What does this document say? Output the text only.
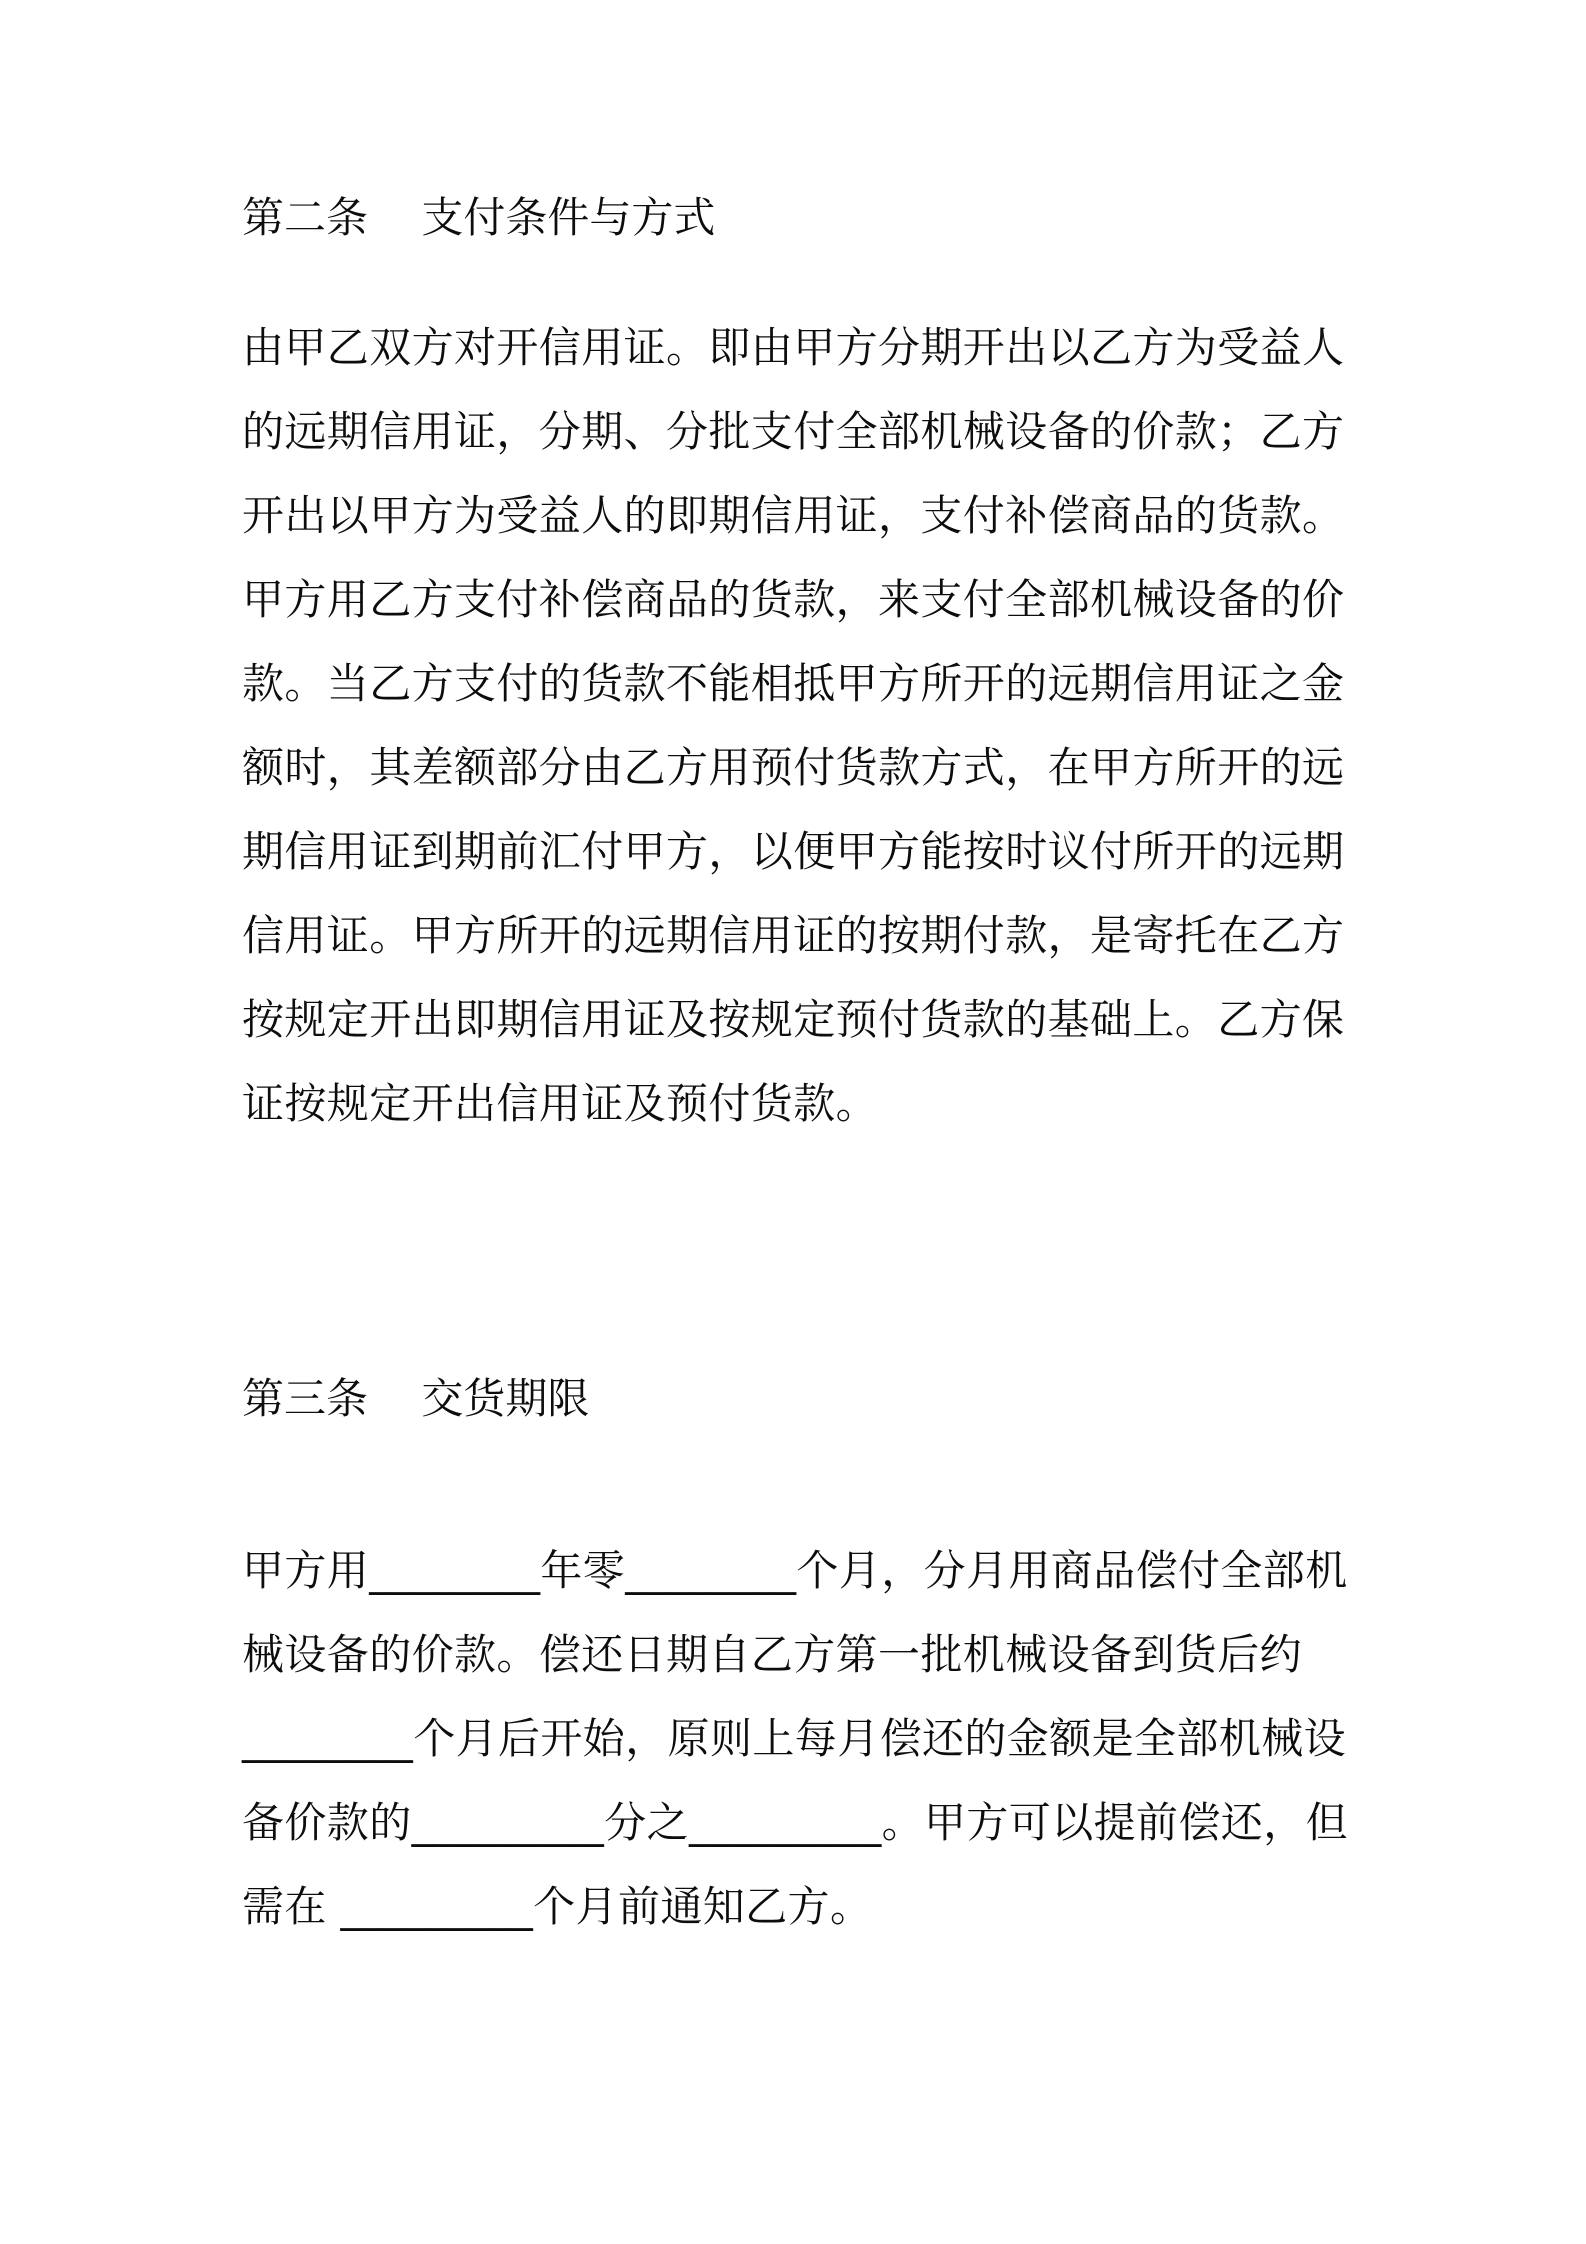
第二条    支付条件与方式
由甲乙双方对开信用证。即由甲方分期开出以乙方为受益人
的远期信用证，分期、分批支付全部机械设备的价款；乙方
开出以甲方为受益人的即期信用证，支付补偿商品的货款。
甲方用乙方支付补偿商品的货款，来支付全部机械设备的价
款。当乙方支付的货款不能相抵甲方所开的远期信用证之金
额时，其差额部分由乙方用预付货款方式，在甲方所开的远
期信用证到期前汇付甲方，以便甲方能按时议付所开的远期
信用证。甲方所开的远期信用证的按期付款，是寄托在乙方
按规定开出即期信用证及按规定预付货款的基础上。乙方保
证按规定开出信用证及预付货款。
第三条    交货期限
甲方用________年零________个月，分月用商品偿付全部机
械设备的价款。偿还日期自乙方第一批机械设备到货后约
________个月后开始，原则上每月偿还的金额是全部机械设
备价款的_________分之_________。甲方可以提前偿还，但
需在 _________个月前通知乙方。
